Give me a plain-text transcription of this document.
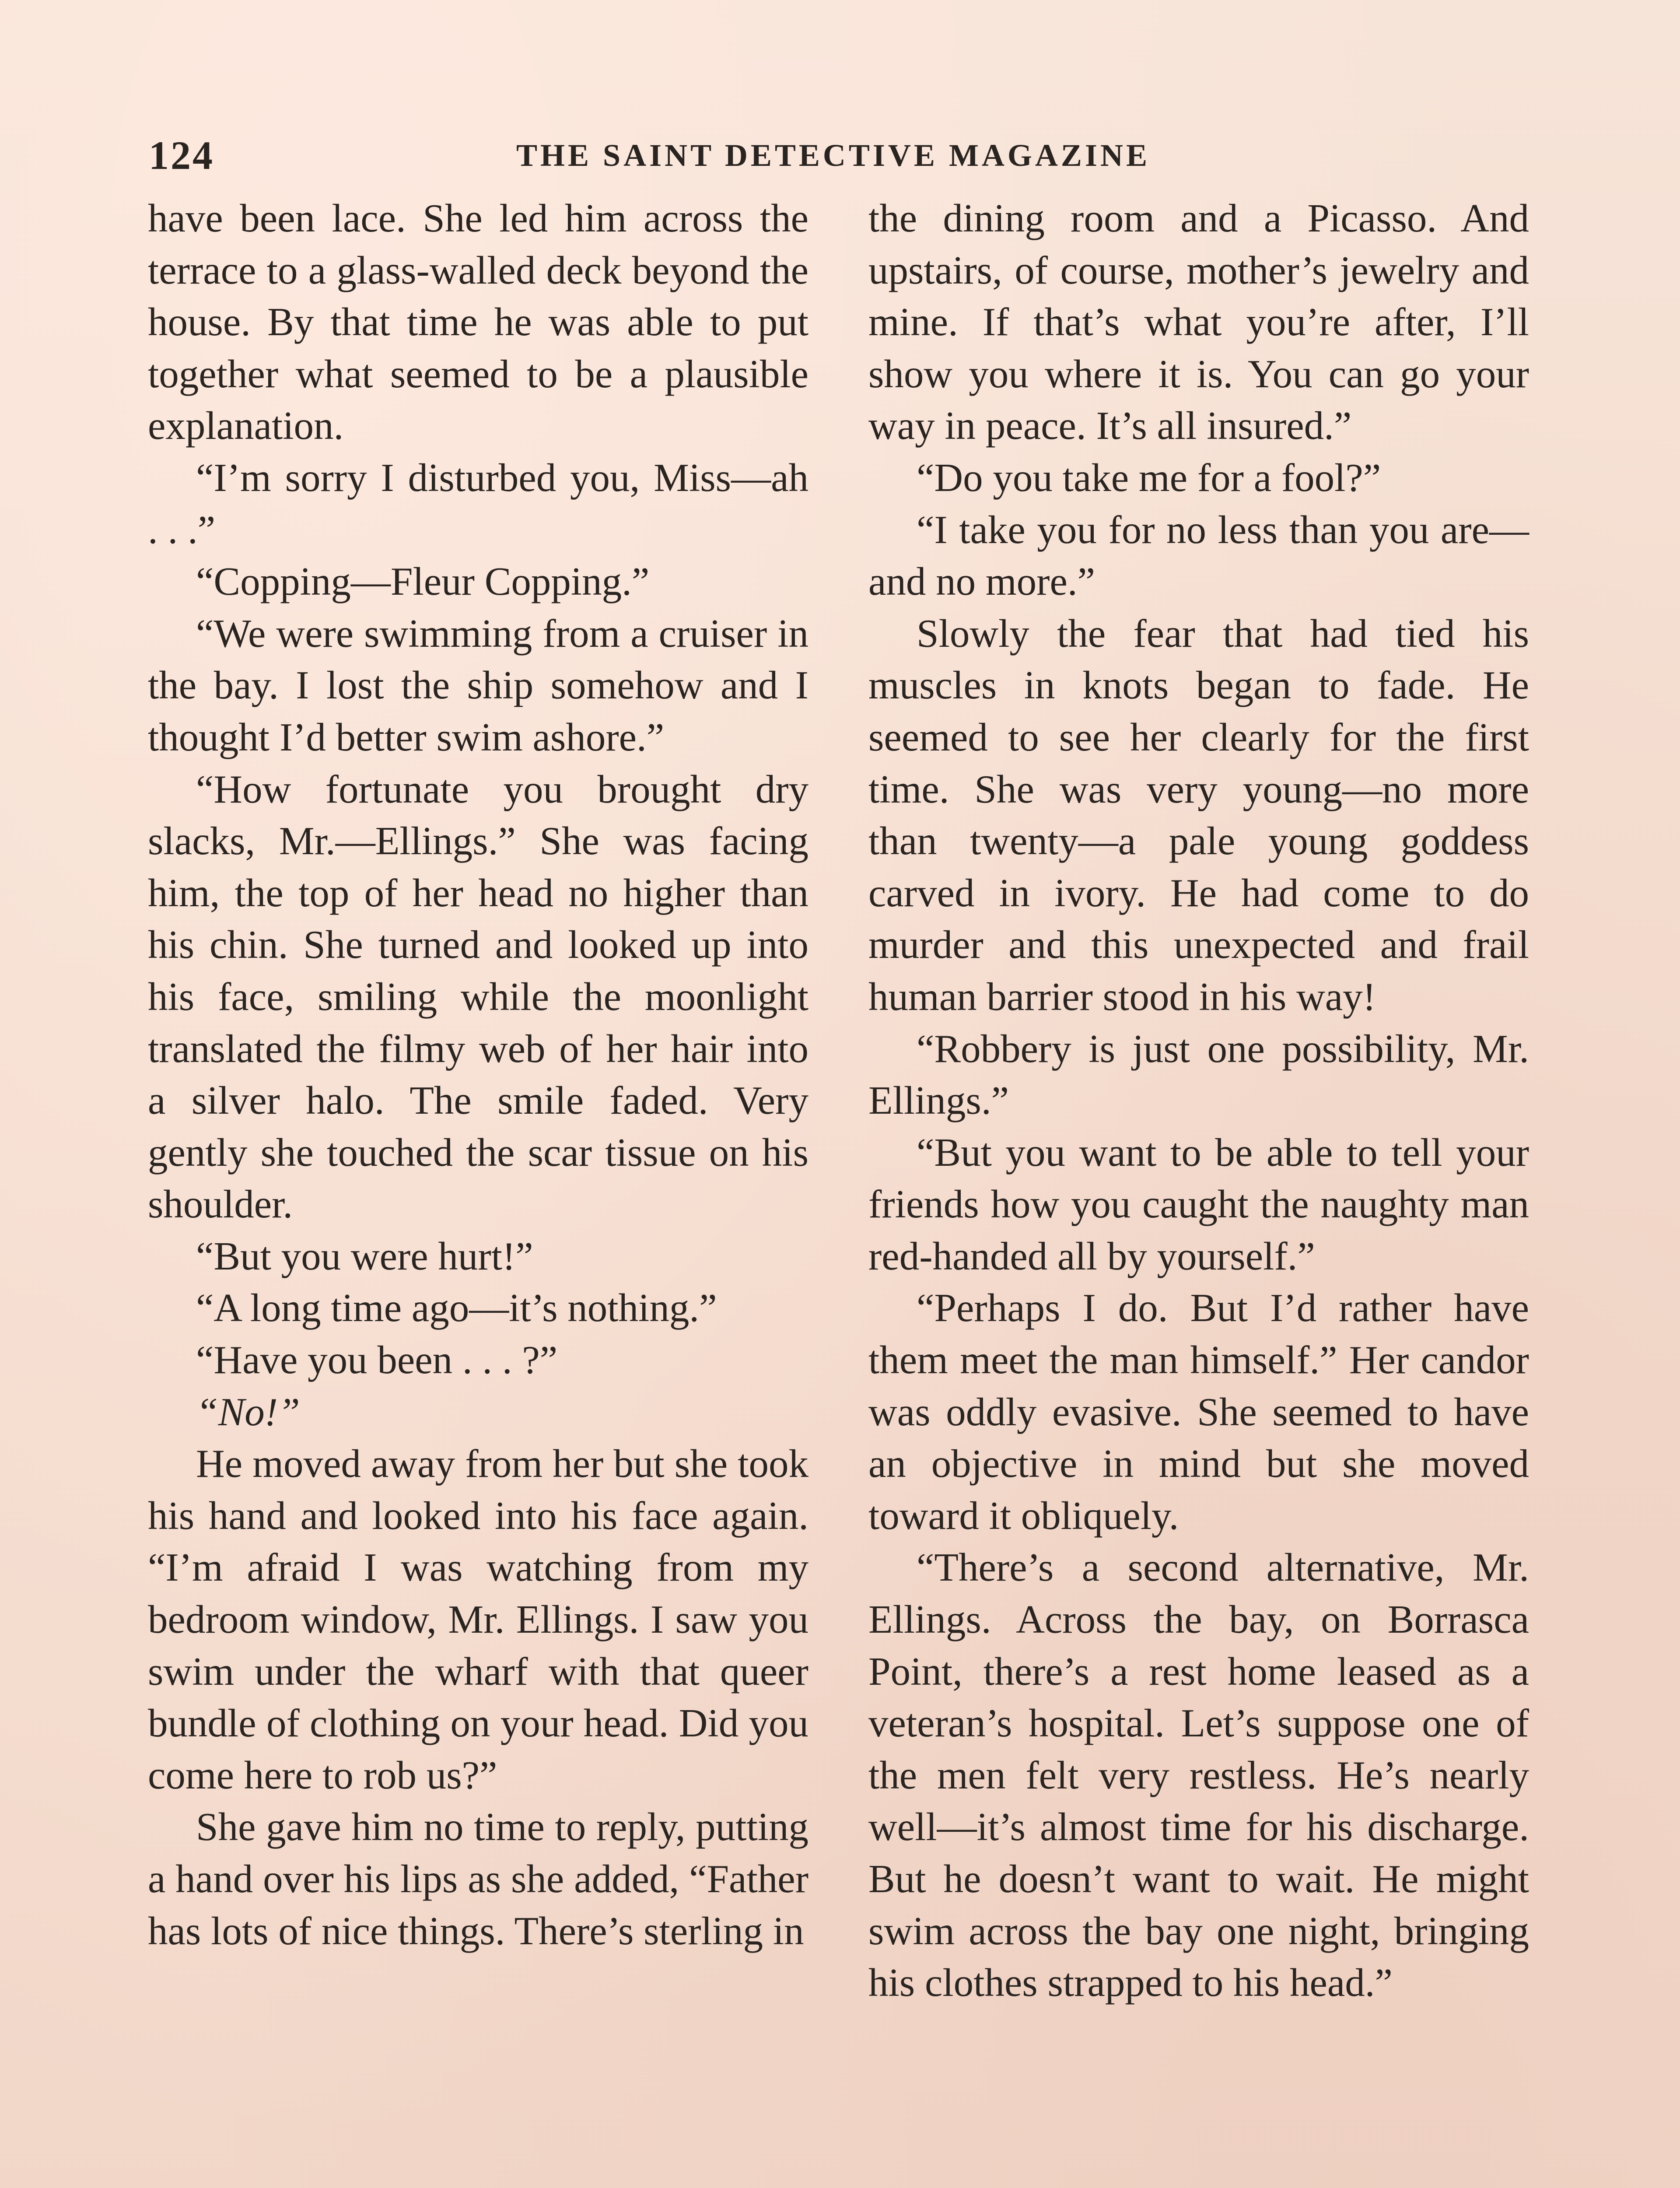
124	THE SAINT DETECTIVE MAGAZINE

have been lace. She led him across the terrace to a glass-walled deck beyond the house. By that time he was able to put together what seemed to be a plausible explanation.

“I’m sorry I disturbed you, Miss—ah . . .”

“Copping—Fleur Copping.”

“We were swimming from a cruiser in the bay. I lost the ship somehow and I thought I’d better swim ashore.”

“How fortunate you brought dry slacks, Mr.—Ellings.” She was facing him, the top of her head no higher than his chin. She turned and looked up into his face, smiling while the moonlight translated the filmy web of her hair into a silver halo. The smile faded. Very gently she touched the scar tissue on his shoulder.

“But you were hurt!”

“A long time ago—it’s nothing.”

“Have you been . . . ?”

“No!”

He moved away from her but she took his hand and looked into his face again. “I’m afraid I was watching from my bedroom window, Mr. Ellings. I saw you swim under the wharf with that queer bundle of clothing on your head. Did you come here to rob us?”

She gave him no time to reply, putting a hand over his lips as she added, “Father has lots of nice things. There’s sterling in

the dining room and a Picasso. And upstairs, of course, mother’s jewelry and mine. If that’s what you’re after, I’ll show you where it is. You can go your way in peace. It’s all insured.”

“Do you take me for a fool?”

“I take you for no less than you are—and no more.”

Slowly the fear that had tied his muscles in knots began to fade. He seemed to see her clearly for the first time. She was very young—no more than twenty—a pale young goddess carved in ivory. He had come to do murder and this unexpected and frail human barrier stood in his way!

“Robbery is just one possibility, Mr. Ellings.”

“But you want to be able to tell your friends how you caught the naughty man red-handed all by yourself.”

“Perhaps I do. But I’d rather have them meet the man himself.” Her candor was oddly evasive. She seemed to have an objective in mind but she moved toward it obliquely.

“There’s a second alternative, Mr. Ellings. Across the bay, on Borrasca Point, there’s a rest home leased as a veteran’s hospital. Let’s suppose one of the men felt very restless. He’s nearly well—it’s almost time for his discharge. But he doesn’t want to wait. He might swim across the bay one night, bringing his clothes strapped to his head.”
